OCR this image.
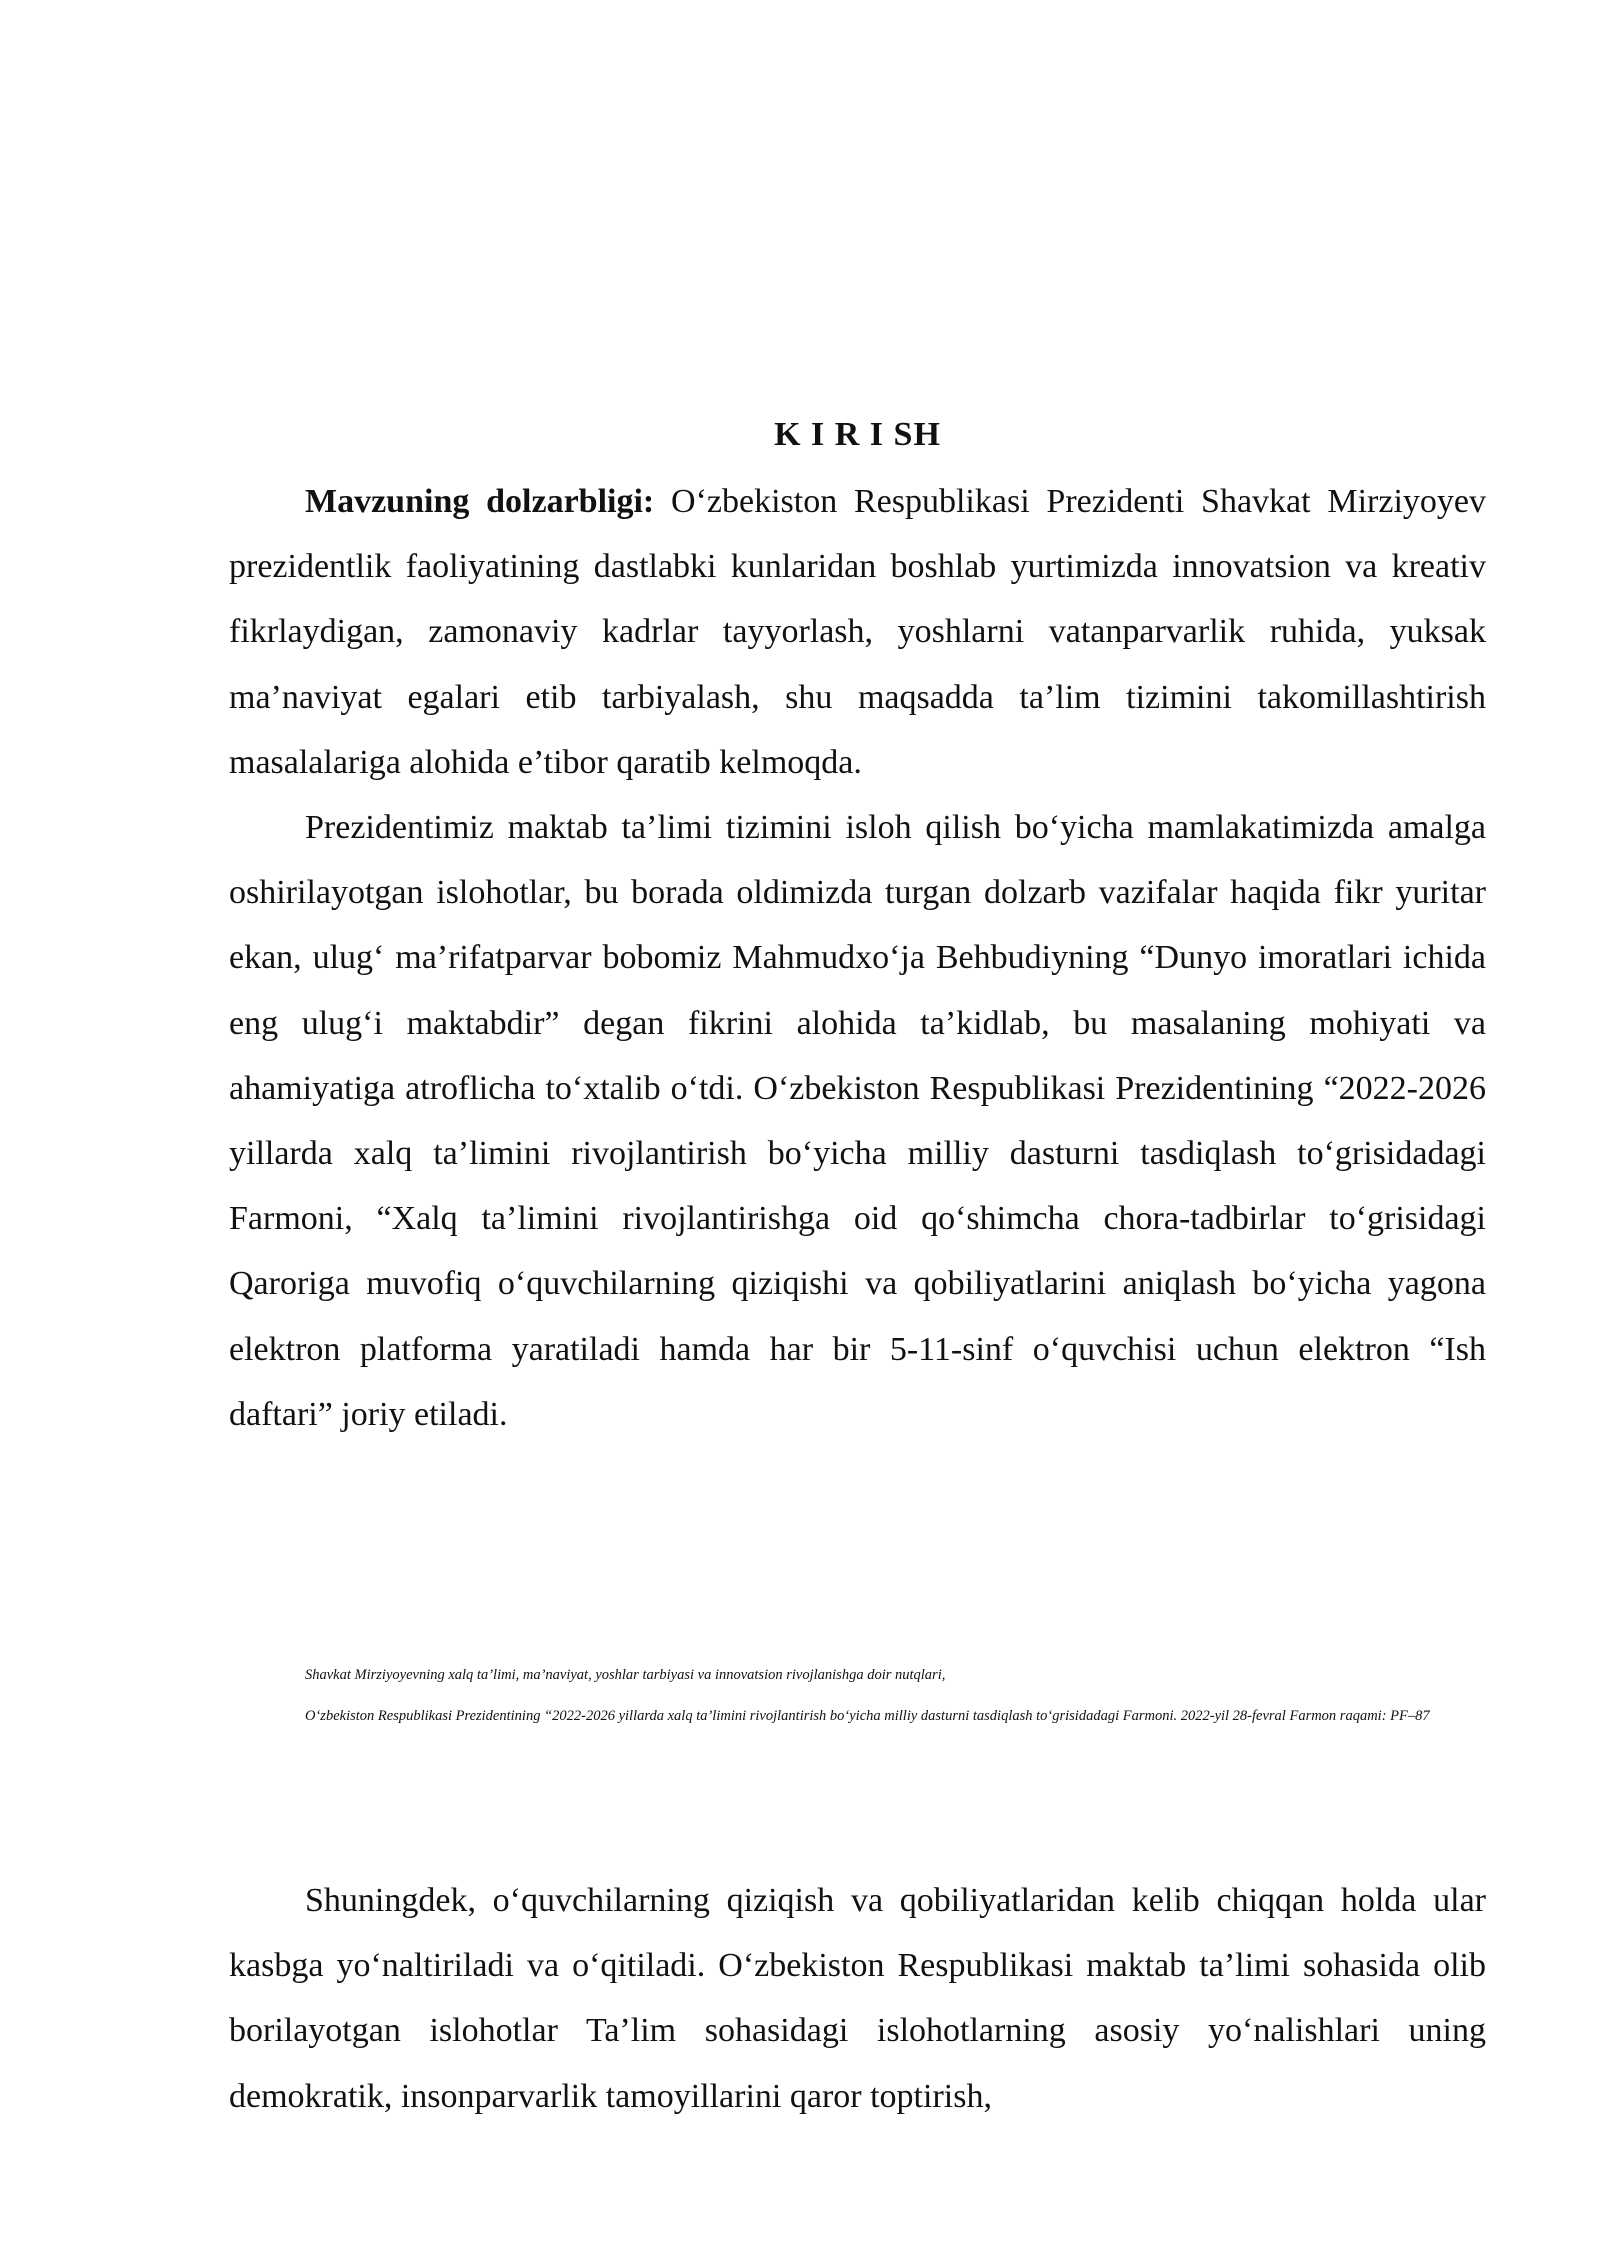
K I R I SH

Mavzuning dolzarbligi: O‘zbekiston Respublikasi Prezidenti Shavkat Mirziyoyev prezidentlik faoliyatining dastlabki kunlaridan boshlab yurtimizda innovatsion va kreativ fikrlaydigan, zamonaviy kadrlar tayyorlash, yoshlarni vatanparvarlik ruhida, yuksak ma’naviyat egalari etib tarbiyalash, shu maqsadda ta’lim tizimini takomillashtirish masalalariga alohida e’tibor qaratib kelmoqda.

Prezidentimiz maktab ta’limi tizimini isloh qilish bo‘yicha mamlakatimizda amalga oshirilayotgan islohotlar, bu borada oldimizda turgan dolzarb vazifalar haqida fikr yuritar ekan, ulug‘ ma’rifatparvar bobomiz Mahmudxo‘ja Behbudiyning “Dunyo imoratlari ichida eng ulug‘i maktabdir” degan fikrini alohida ta’kidlab, bu masalaning mohiyati va ahamiyatiga atroflicha to‘xtalib o‘tdi. O‘zbekiston Respublikasi Prezidentining “2022-2026 yillarda xalq ta’limini rivojlantirish bo‘yicha milliy dasturni tasdiqlash to‘grisidadagi Farmoni, “Xalq ta’limini rivojlantirishga oid qo‘shimcha chora-tadbirlar to‘grisidagi Qaroriga muvofiq o‘quvchilarning qiziqishi va qobiliyatlarini aniqlash bo‘yicha yagona elektron platforma yaratiladi hamda har bir 5-11-sinf o‘quvchisi uchun elektron “Ish daftari” joriy etiladi.

Shavkat Mirziyoyevning xalq ta’limi, ma’naviyat, yoshlar tarbiyasi va innovatsion rivojlanishga doir nutqlari,

O‘zbekiston Respublikasi Prezidentining “2022-2026 yillarda xalq ta’limini rivojlantirish bo‘yicha milliy dasturni tasdiqlash to‘grisidadagi Farmoni. 2022-yil 28-fevral Farmon raqami: PF–87

Shuningdek, o‘quvchilarning qiziqish va qobiliyatlaridan kelib chiqqan holda ular kasbga yo‘naltiriladi va o‘qitiladi. O‘zbekiston Respublikasi maktab ta’limi sohasida olib borilayotgan islohotlar Ta’lim sohasidagi islohotlarning asosiy yo‘nalishlari uning demokratik, insonparvarlik tamoyillarini qaror toptirish,
